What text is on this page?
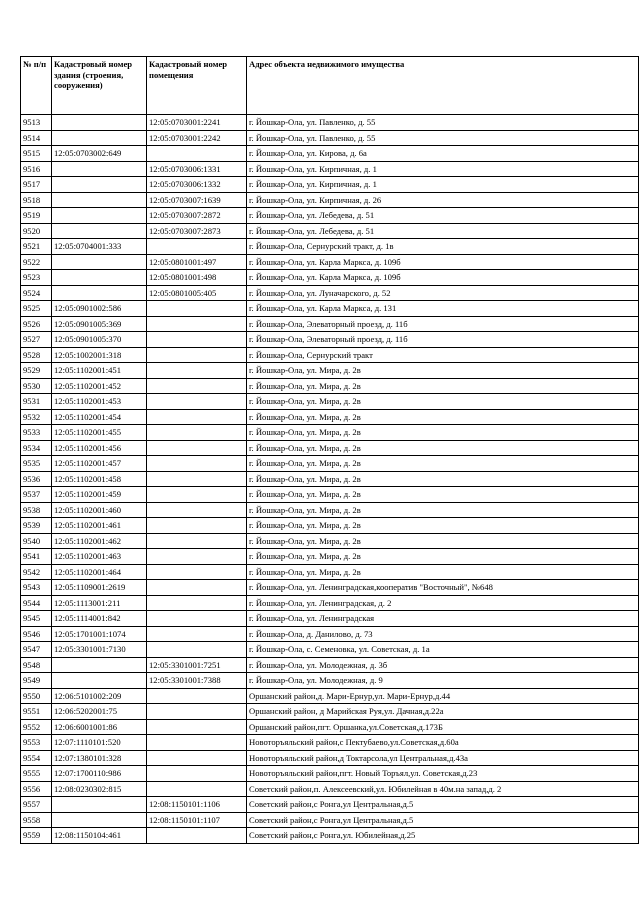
№ п/п	Кадастровый номер здания (строения, сооружения)	Кадастровый номер помещения	Адрес объекта недвижимого имущества
9513		12:05:0703001:2241	г. Йошкар-Ола, ул. Павленко, д. 55
9514		12:05:0703001:2242	г. Йошкар-Ола, ул. Павленко, д. 55
9515	12:05:0703002:649		г. Йошкар-Ола, ул. Кирова, д. 6а
9516		12:05:0703006:1331	г. Йошкар-Ола, ул. Кирпичная, д. 1
9517		12:05:0703006:1332	г. Йошкар-Ола, ул. Кирпичная, д. 1
9518		12:05:0703007:1639	г. Йошкар-Ола, ул. Кирпичная, д. 26
9519		12:05:0703007:2872	г. Йошкар-Ола, ул. Лебедева, д. 51
9520		12:05:0703007:2873	г. Йошкар-Ола, ул. Лебедева, д. 51
9521	12:05:0704001:333		г. Йошкар-Ола, Сернурский тракт, д. 1в
9522		12:05:0801001:497	г. Йошкар-Ола, ул. Карла Маркса, д. 109б
9523		12:05:0801001:498	г. Йошкар-Ола, ул. Карла Маркса, д. 109б
9524		12:05:0801005:405	г. Йошкар-Ола, ул. Луначарского, д. 52
9525	12:05:0901002:586		г. Йошкар-Ола, ул. Карла Маркса, д. 131
9526	12:05:0901005:369		г. Йошкар-Ола, Элеваторный проезд, д. 11б
9527	12:05:0901005:370		г. Йошкар-Ола, Элеваторный проезд, д. 11б
9528	12:05:1002001:318		г. Йошкар-Ола, Сернурский тракт
9529	12:05:1102001:451		г. Йошкар-Ола, ул. Мира, д. 2в
9530	12:05:1102001:452		г. Йошкар-Ола, ул. Мира, д. 2в
9531	12:05:1102001:453		г. Йошкар-Ола, ул. Мира, д. 2в
9532	12:05:1102001:454		г. Йошкар-Ола, ул. Мира, д. 2в
9533	12:05:1102001:455		г. Йошкар-Ола, ул. Мира, д. 2в
9534	12:05:1102001:456		г. Йошкар-Ола, ул. Мира, д. 2в
9535	12:05:1102001:457		г. Йошкар-Ола, ул. Мира, д. 2в
9536	12:05:1102001:458		г. Йошкар-Ола, ул. Мира, д. 2в
9537	12:05:1102001:459		г. Йошкар-Ола, ул. Мира, д. 2в
9538	12:05:1102001:460		г. Йошкар-Ола, ул. Мира, д. 2в
9539	12:05:1102001:461		г. Йошкар-Ола, ул. Мира, д. 2в
9540	12:05:1102001:462		г. Йошкар-Ола, ул. Мира, д. 2в
9541	12:05:1102001:463		г. Йошкар-Ола, ул. Мира, д. 2в
9542	12:05:1102001:464		г. Йошкар-Ола, ул. Мира, д. 2в
9543	12:05:1109001:2619		г. Йошкар-Ола, ул. Ленинградская,кооператив "Восточный", №648
9544	12:05:1113001:211		г. Йошкар-Ола, ул. Ленинградская, д. 2
9545	12:05:1114001:842		г. Йошкар-Ола, ул. Ленинградская
9546	12:05:1701001:1074		г. Йошкар-Ола, д. Данилово, д. 73
9547	12:05:3301001:7130		г. Йошкар-Ола, с. Семеновка, ул. Советская, д. 1а
9548		12:05:3301001:7251	г. Йошкар-Ола, ул. Молодежная, д. 3б
9549		12:05:3301001:7388	г. Йошкар-Ола, ул. Молодежная, д. 9
9550	12:06:5101002:209		Оршанский район,д. Мари-Ернур,ул. Мари-Ернур,д.44
9551	12:06:5202001:75		Оршанский район, д Марийская Руя,ул. Дачная,д.22а
9552	12:06:6001001:86		Оршанский район,пгт. Оршанка,ул.Советская,д.173Б
9553	12:07:1110101:520		Новоторъяльский район,с Пектубаево,ул.Советская,д.60а
9554	12:07:1380101:328		Новоторъяльский район,д Токтарсола,ул Центральная,д.43а
9555	12:07:1700110:986		Новоторъяльский район,пгт. Новый Торъял,ул. Советская,д.23
9556	12:08:0230302:815		Советский район,п. Алексеевский,ул. Юбилейная в 40м.на запад,д. 2
9557		12:08:1150101:1106	Советский район,с Ронга,ул Центральная,д.5
9558		12:08:1150101:1107	Советский район,с Ронга,ул Центральная,д.5
9559	12:08:1150104:461		Советский район,с Ронга,ул. Юбилейная,д.25
